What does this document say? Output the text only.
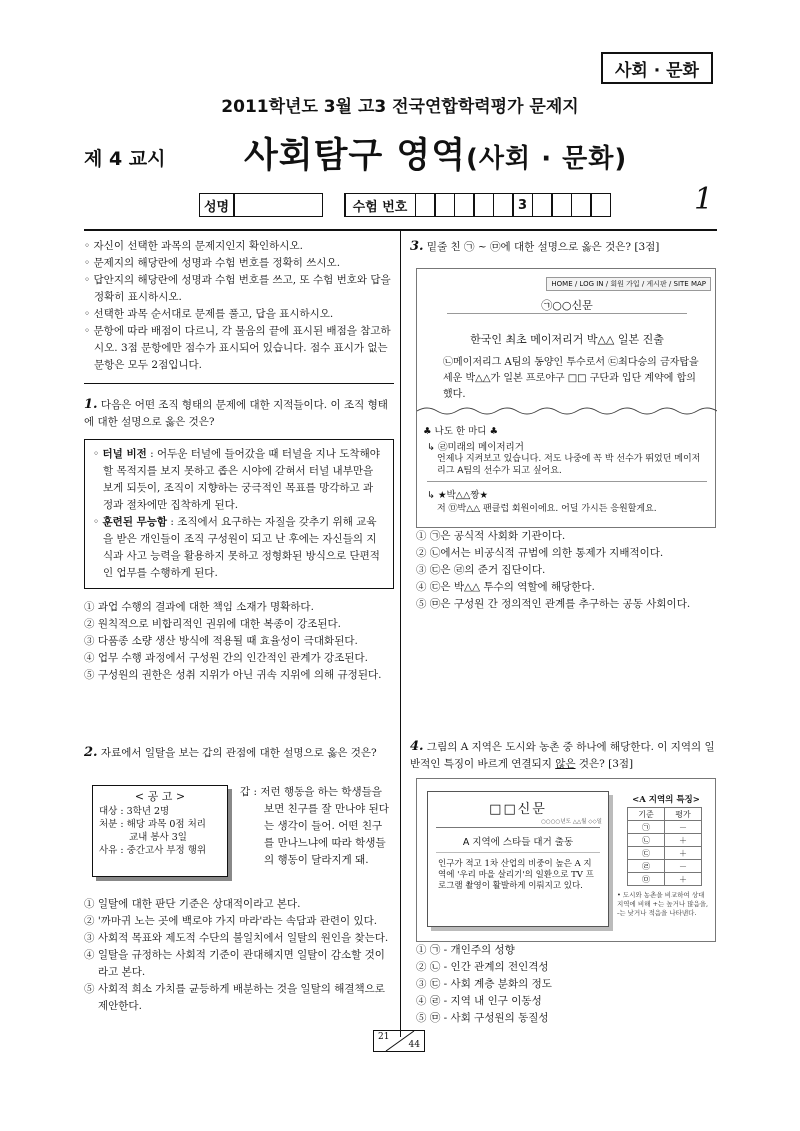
사회 · 문화
2011학년도 3월 고3 전국연합학력평가 문제지
제 4 교시 사회탐구 영역(사회 · 문화)
성명	수험 번호	3	1
◦ 자신이 선택한 과목의 문제지인지 확인하시오.
◦ 문제지의 해당란에 성명과 수험 번호를 정확히 쓰시오.
◦ 답안지의 해당란에 성명과 수험 번호를 쓰고, 또 수험 번호와 답을 정확히 표시하시오.
◦ 선택한 과목 순서대로 문제를 풀고, 답을 표시하시오.
◦ 문항에 따라 배점이 다르니, 각 물음의 끝에 표시된 배점을 참고하시오. 3점 문항에만 점수가 표시되어 있습니다. 점수 표시가 없는 문항은 모두 2점입니다.
1. 다음은 어떤 조직 형태의 문제에 대한 지적들이다. 이 조직 형태에 대한 설명으로 옳은 것은?
◦ 터널 비전 : 어두운 터널에 들어갔을 때 터널을 지나 도착해야 할 목적지를 보지 못하고 좁은 시야에 갇혀서 터널 내부만을 보게 되듯이, 조직이 지향하는 궁극적인 목표를 망각하고 과정과 절차에만 집착하게 된다.
◦ 훈련된 무능함 : 조직에서 요구하는 자질을 갖추기 위해 교육을 받은 개인들이 조직 구성원이 되고 난 후에는 자신들의 지식과 사고 능력을 활용하지 못하고 정형화된 방식으로 단편적인 업무를 수행하게 된다.
① 과업 수행의 결과에 대한 책임 소재가 명확하다.
② 원칙적으로 비합리적인 권위에 대한 복종이 강조된다.
③ 다품종 소량 생산 방식에 적용될 때 효율성이 극대화된다.
④ 업무 수행 과정에서 구성원 간의 인간적인 관계가 강조된다.
⑤ 구성원의 권한은 성취 지위가 아닌 귀속 지위에 의해 규정된다.
2. 자료에서 일탈을 보는 갑의 관점에 대한 설명으로 옳은 것은?
< 공 고 >
대상 : 3학년 2명
처분 : 해당 과목 0점 처리
교내 봉사 3일
사유 : 중간고사 부정 행위
갑 : 저런 행동을 하는 학생들을 보면 친구를 잘 만나야 된다는 생각이 들어. 어떤 친구를 만나느냐에 따라 학생들의 행동이 달라지게 돼.
① 일탈에 대한 판단 기준은 상대적이라고 본다.
② '까마귀 노는 곳에 백로야 가지 마라'라는 속담과 관련이 있다.
③ 사회적 목표와 제도적 수단의 불일치에서 일탈의 원인을 찾는다.
④ 일탈을 규정하는 사회적 기준이 관대해지면 일탈이 감소할 것이라고 본다.
⑤ 사회적 희소 가치를 균등하게 배분하는 것을 일탈의 해결책으로 제안한다.
3. 밑줄 친 ㉠ ~ ㉤에 대한 설명으로 옳은 것은? [3점]
HOME / LOG IN / 회원 가입 / 게시판 / SITE MAP
㉠○○신문
한국인 최초 메이저리거 박△△ 일본 진출
㉡메이저리그 A팀의 동양인 투수로서 ㉢최다승의 금자탑을 세운 박△△가 일본 프로야구 □□ 구단과 입단 계약에 합의했다.
♣ 나도 한 마디 ♣
↳ ㉣미래의 메이저리거
언제나 지켜보고 있습니다. 저도 나중에 꼭 박 선수가 뛰었던 메이저리그 A팀의 선수가 되고 싶어요.
↳ ★박△△짱★
저 ㉤박△△ 팬클럽 회원이에요. 어딜 가시든 응원할게요.
① ㉠은 공식적 사회화 기관이다.
② ㉡에서는 비공식적 규범에 의한 통제가 지배적이다.
③ ㉢은 ㉣의 준거 집단이다.
④ ㉢은 박△△ 투수의 역할에 해당한다.
⑤ ㉤은 구성원 간 정의적인 관계를 추구하는 공동 사회이다.
4. 그림의 A 지역은 도시와 농촌 중 하나에 해당한다. 이 지역의 일반적인 특징이 바르게 연결되지 않은 것은? [3점]
□□신문
○○○○년도 △△월 ◇◇일
A 지역에 스타들 대거 출동
인구가 적고 1차 산업의 비중이 높은 A 지역에 '우리 마을 살리기'의 일환으로 TV 프로그램 촬영이 활발하게 이뤄지고 있다.
<A 지역의 특징>
기준	평가
㉠	－
㉡	＋
㉢	＋
㉣	－
㉤	＋
• 도시와 농촌을 비교하여 상대 지역에 비해 +는 높거나 많음을, -는 낮거나 적음을 나타낸다.
① ㉠ - 개인주의 성향
② ㉡ - 인간 관계의 전인격성
③ ㉢ - 사회 계층 분화의 정도
④ ㉣ - 지역 내 인구 이동성
⑤ ㉤ - 사회 구성원의 동질성
21
44
